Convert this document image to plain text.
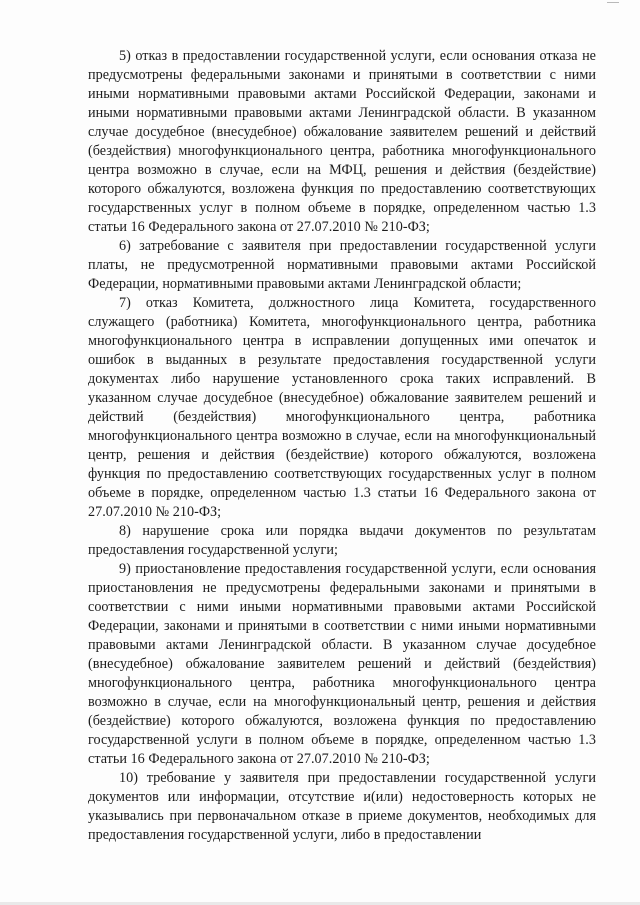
5) отказ в предоставлении государственной услуги, если основания отказа не предусмотрены федеральными законами и принятыми в соответствии с ними иными нормативными правовыми актами Российской Федерации, законами и иными нормативными правовыми актами Ленинградской области. В указанном случае досудебное (внесудебное) обжалование заявителем решений и действий (бездействия) многофункционального центра, работника многофункционального центра возможно в случае, если на МФЦ, решения и действия (бездействие) которого обжалуются, возложена функция по предоставлению соответствующих государственных услуг в полном объеме в порядке, определенном частью 1.3 статьи 16 Федерального закона от 27.07.2010 № 210-ФЗ;

6) затребование с заявителя при предоставлении государственной услуги платы, не предусмотренной нормативными правовыми актами Российской Федерации, нормативными правовыми актами Ленинградской области;

7) отказ Комитета, должностного лица Комитета, государственного служащего (работника) Комитета, многофункционального центра, работника многофункционального центра в исправлении допущенных ими опечаток и ошибок в выданных в результате предоставления государственной услуги документах либо нарушение установленного срока таких исправлений. В указанном случае досудебное (внесудебное) обжалование заявителем решений и действий (бездействия) многофункционального центра, работника многофункционального центра возможно в случае, если на многофункциональный центр, решения и действия (бездействие) которого обжалуются, возложена функция по предоставлению соответствующих государственных услуг в полном объеме в порядке, определенном частью 1.3 статьи 16 Федерального закона от 27.07.2010 № 210-ФЗ;

8) нарушение срока или порядка выдачи документов по результатам предоставления государственной услуги;

9) приостановление предоставления государственной услуги, если основания приостановления не предусмотрены федеральными законами и принятыми в соответствии с ними иными нормативными правовыми актами Российской Федерации, законами и принятыми в соответствии с ними иными нормативными правовыми актами Ленинградской области. В указанном случае досудебное (внесудебное) обжалование заявителем решений и действий (бездействия) многофункционального центра, работника многофункционального центра возможно в случае, если на многофункциональный центр, решения и действия (бездействие) которого обжалуются, возложена функция по предоставлению государственной услуги в полном объеме в порядке, определенном частью 1.3 статьи 16 Федерального закона от 27.07.2010 № 210-ФЗ;

10) требование у заявителя при предоставлении государственной услуги документов или информации, отсутствие и(или) недостоверность которых не указывались при первоначальном отказе в приеме документов, необходимых для предоставления государственной услуги, либо в предоставлении
